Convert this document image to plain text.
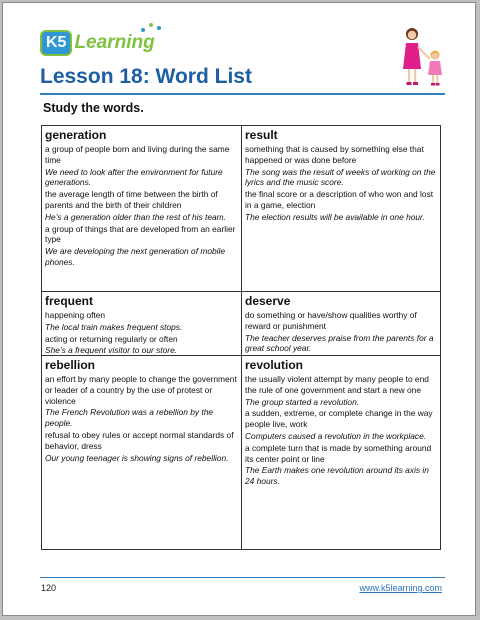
K5 Learning
Lesson 18: Word List
Study the words.

generation

a group of people born and living during the same time

We need to look after the environment for future generations.

the average length of time between the birth of parents and the birth of their children

He’s a generation older than the rest of his team.

a group of things that are developed from an earlier type

We are developing the next generation of mobile phones.

result

something that is caused by something else that happened or was done before

The song was the result of weeks of working on the lyrics and the music score.

the final score or a description of who won and lost in a game, election

The election results will be available in one hour.

frequent

happening often

The local train makes frequent stops.

acting or returning regularly or often

She’s a frequent visitor to our store.

deserve

do something or have/show qualities worthy of reward or punishment

The teacher deserves praise from the parents for a great school year.

rebellion

an effort by many people to change the government or leader of a country by the use of protest or violence

The French Revolution was a rebellion by the people.

refusal to obey rules or accept normal standards of behavior, dress

Our young teenager is showing signs of rebellion.

revolution

the usually violent attempt by many people to end the rule of one government and start a new one

The group started a revolution.

a sudden, extreme, or complete change in the way people live, work

Computers caused a revolution in the workplace.

a complete turn that is made by something around its center point or line

The Earth makes one revolution around its axis in 24 hours.

120	www.k5learning.com
